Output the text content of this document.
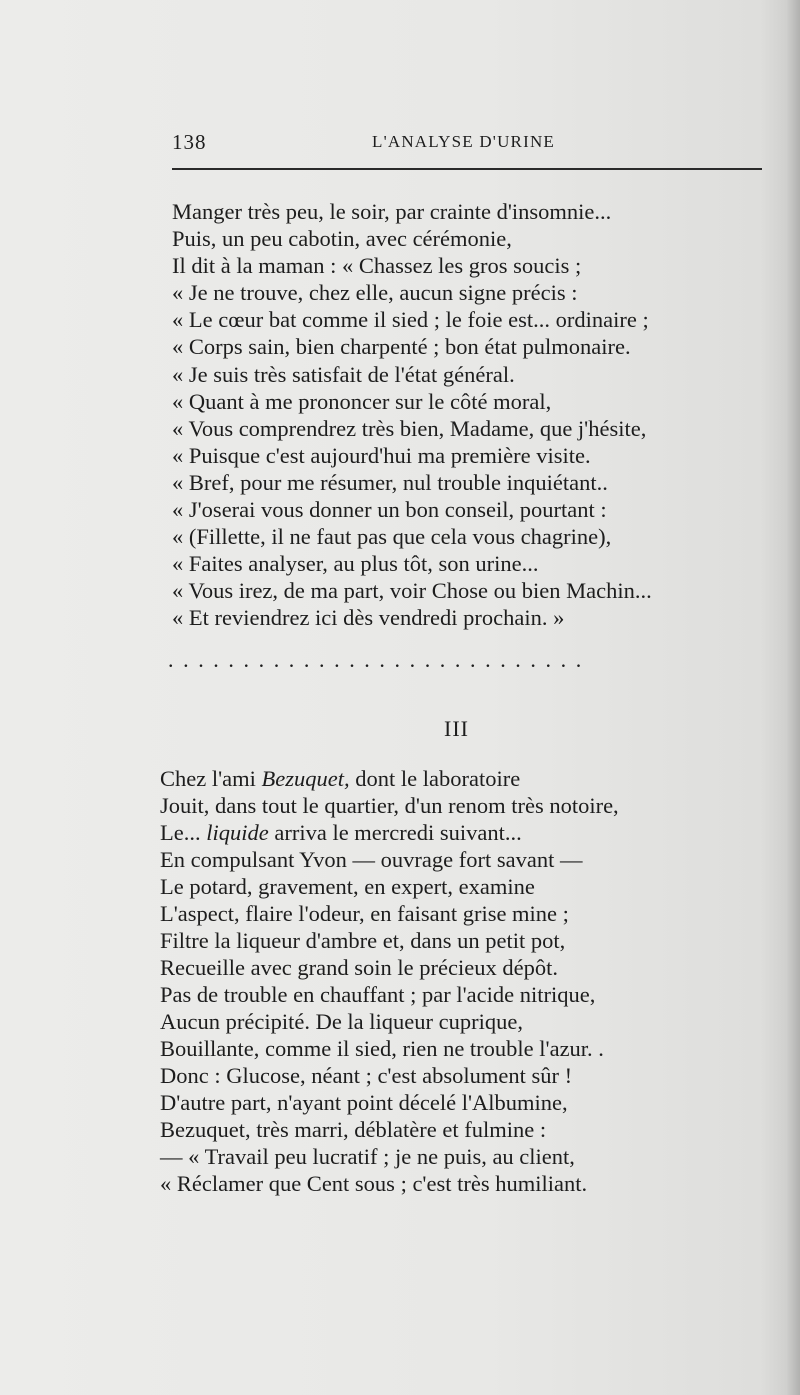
138	L'ANALYSE D'URINE
Manger très peu, le soir, par crainte d'insomnie...
Puis, un peu cabotin, avec cérémonie,
Il dit à la maman : « Chassez les gros soucis ;
« Je ne trouve, chez elle, aucun signe précis :
« Le cœur bat comme il sied ; le foie est... ordinaire ;
« Corps sain, bien charpenté ; bon état pulmonaire.
« Je suis très satisfait de l'état général.
« Quant à me prononcer sur le côté moral,
« Vous comprendrez très bien, Madame, que j'hésite,
« Puisque c'est aujourd'hui ma première visite.
« Bref, pour me résumer, nul trouble inquiétant..
« J'oserai vous donner un bon conseil, pourtant :
« (Fillette, il ne faut pas que cela vous chagrine),
« Faites analyser, au plus tôt, son urine...
« Vous irez, de ma part, voir Chose ou bien Machin...
« Et reviendrez ici dès vendredi prochain. »
............................
III
Chez l'ami Bezuquet, dont le laboratoire
Jouit, dans tout le quartier, d'un renom très notoire,
Le... liquide arriva le mercredi suivant...
En compulsant Yvon — ouvrage fort savant —
Le potard, gravement, en expert, examine
L'aspect, flaire l'odeur, en faisant grise mine ;
Filtre la liqueur d'ambre et, dans un petit pot,
Recueille avec grand soin le précieux dépôt.
Pas de trouble en chauffant ; par l'acide nitrique,
Aucun précipité. De la liqueur cuprique,
Bouillante, comme il sied, rien ne trouble l'azur. .
Donc : Glucose, néant ; c'est absolument sûr !
D'autre part, n'ayant point décelé l'Albumine,
Bezuquet, très marri, déblatère et fulmine :
— « Travail peu lucratif ; je ne puis, au client,
« Réclamer que Cent sous ; c'est très humiliant.
